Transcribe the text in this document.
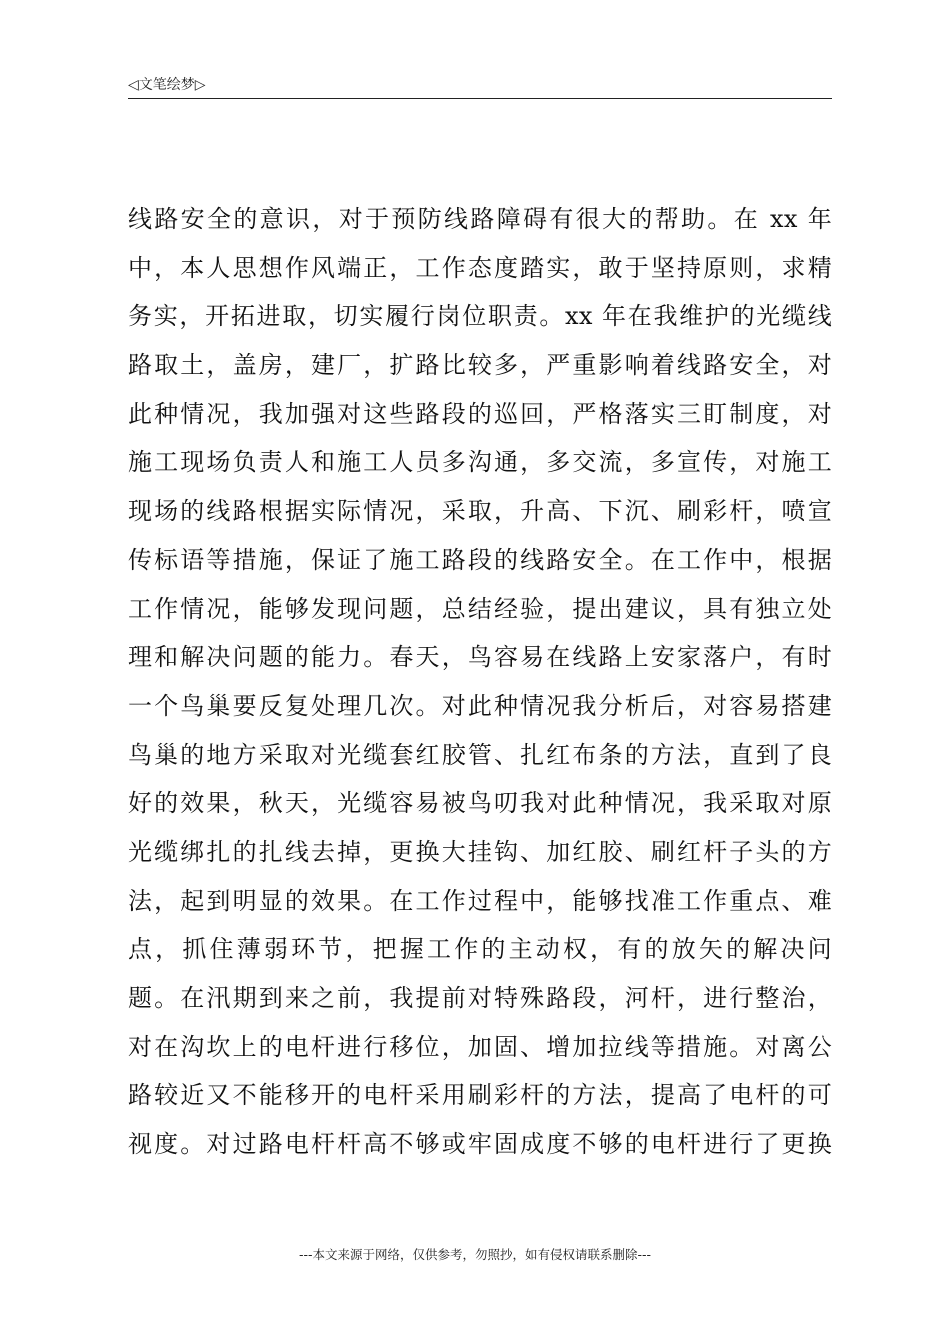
◁文笔绘梦▷
线路安全的意识，对于预防线路障碍有很大的帮助。在 xx 年
中，本人思想作风端正，工作态度踏实，敢于坚持原则，求精
务实，开拓进取，切实履行岗位职责。xx 年在我维护的光缆线
路取土，盖房，建厂，扩路比较多，严重影响着线路安全，对
此种情况，我加强对这些路段的巡回，严格落实三盯制度，对
施工现场负责人和施工人员多沟通，多交流，多宣传，对施工
现场的线路根据实际情况，采取，升高、下沉、刷彩杆，喷宣
传标语等措施，保证了施工路段的线路安全。在工作中，根据
工作情况，能够发现问题，总结经验，提出建议，具有独立处
理和解决问题的能力。春天，鸟容易在线路上安家落户，有时
一个鸟巢要反复处理几次。对此种情况我分析后，对容易搭建
鸟巢的地方采取对光缆套红胶管、扎红布条的方法，直到了良
好的效果，秋天，光缆容易被鸟叨我对此种情况，我采取对原
光缆绑扎的扎线去掉，更换大挂钩、加红胶、刷红杆子头的方
法，起到明显的效果。在工作过程中，能够找准工作重点、难
点，抓住薄弱环节，把握工作的主动权，有的放矢的解决问
题。在汛期到来之前，我提前对特殊路段，河杆，进行整治，
对在沟坎上的电杆进行移位，加固、增加拉线等措施。对离公
路较近又不能移开的电杆采用刷彩杆的方法，提高了电杆的可
视度。对过路电杆杆高不够或牢固成度不够的电杆进行了更换
---本文来源于网络，仅供参考，勿照抄，如有侵权请联系删除---
